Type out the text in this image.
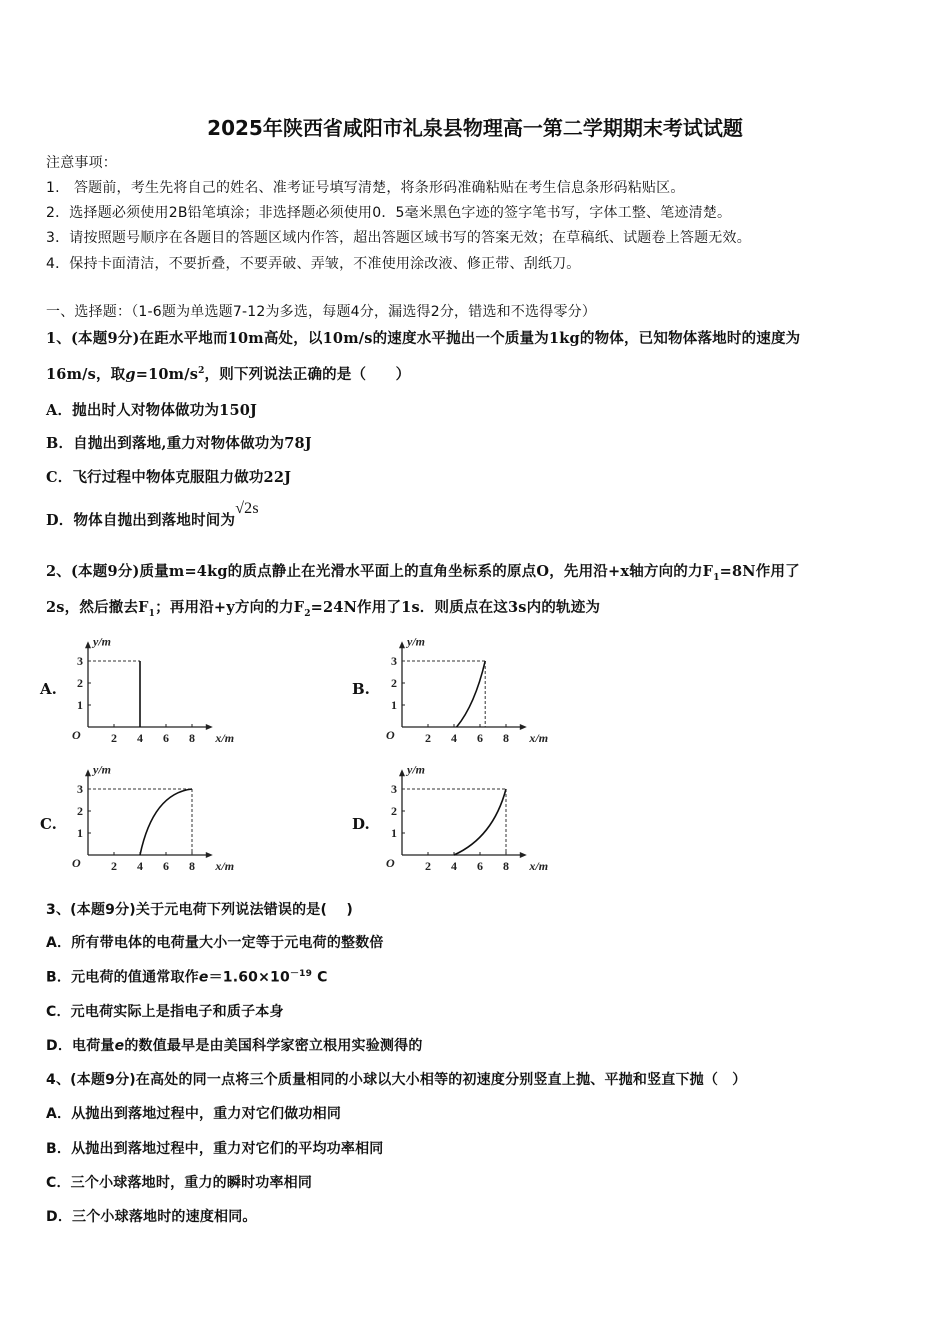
2025年陕西省咸阳市礼泉县物理高一第二学期期末考试试题
注意事项：
1.　答题前，考生先将自己的姓名、准考证号填写清楚，将条形码准确粘贴在考生信息条形码粘贴区。
2．选择题必须使用2B铅笔填涂；非选择题必须使用0．5毫米黑色字迹的签字笔书写，字体工整、笔迹清楚。
3．请按照题号顺序在各题目的答题区域内作答，超出答题区域书写的答案无效；在草稿纸、试题卷上答题无效。
4．保持卡面清洁，不要折叠，不要弄破、弄皱，不准使用涂改液、修正带、刮纸刀。
一、选择题：（1-6题为单选题7-12为多选，每题4分，漏选得2分，错选和不选得零分）
1、(本题9分)在距水平地而10m高处，以10m/s的速度水平抛出一个质量为1kg的物体，已知物体落地时的速度为
16m/s，取$g=10m/s^2$，则下列说法正确的是（　　）
A．抛出时人对物体做功为150J
B．自抛出到落地,重力对物体做功为78J
C．飞行过程中物体克服阻力做功22J
D．物体自抛出到落地时间为√2s
2、(本题9分)质量m=4kg的质点静止在光滑水平面上的直角坐标系的原点O，先用沿+x轴方向的力$F_1=8N$作用了
2s，然后撤去$F_1$；再用沿+y方向的力$F_2=24N$作用了1s．则质点在这3s内的轨迹为
A.	B.
C.	D.
2 4 6 8
1
2
3
O	x/m
y/m
2 4 6 8
1
2
3
O	x/m
y/m
2 4 6 8
1
2
3
O	x/m
y/m
2 4 6 8
1
2
3
O	x/m
y/m
3、(本题9分)关于元电荷下列说法错误的是(　 )
A．所有带电体的电荷量大小一定等于元电荷的整数倍
B．元电荷的值通常取作$e=1.60\times 10^{-19}$ C
C．元电荷实际上是指电子和质子本身
D．电荷量e的数值最早是由美国科学家密立根用实验测得的
4、(本题9分)在高处的同一点将三个质量相同的小球以大小相等的初速度分别竖直上抛、平抛和竖直下抛（　）
A．从抛出到落地过程中，重力对它们做功相同
B．从抛出到落地过程中，重力对它们的平均功率相同
C．三个小球落地时，重力的瞬时功率相同
D．三个小球落地时的速度相同。
